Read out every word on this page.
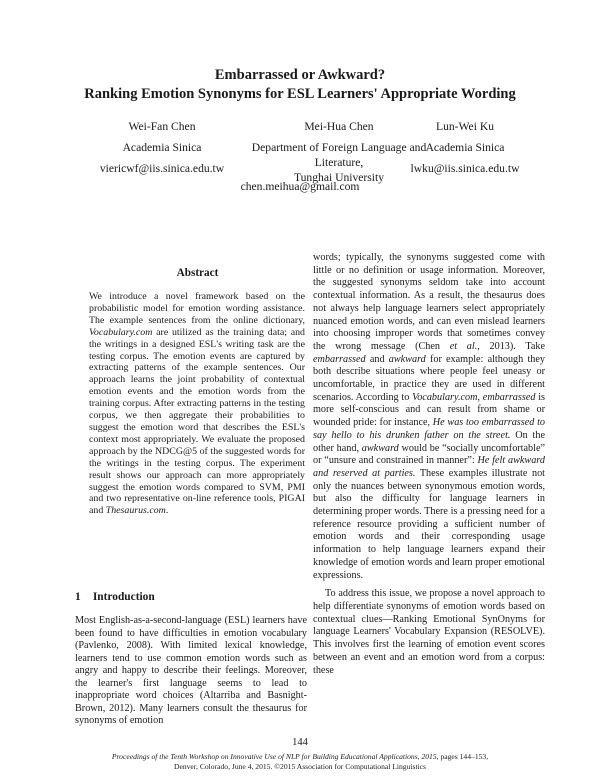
Embarrassed or Awkward?
Ranking Emotion Synonyms for ESL Learners' Appropriate Wording
Wei-Fan Chen
Academia Sinica
viericwf@iis.sinica.edu.tw
Mei-Hua Chen
Department of Foreign Language and
Literature,
Tunghai University
chen.meihua@gmail.com
Lun-Wei Ku
Academia Sinica
lwku@iis.sinica.edu.tw
Abstract

We introduce a novel framework based on the probabilistic model for emotion wording assistance. The example sentences from the online dictionary, Vocabulary.com are utilized as the training data; and the writings in a designed ESL's writing task are the testing corpus. The emotion events are captured by extracting patterns of the example sentences. Our approach learns the joint probability of contextual emotion events and the emotion words from the training corpus. After extracting patterns in the testing corpus, we then aggregate their probabilities to suggest the emotion word that describes the ESL's context most appropriately. We evaluate the proposed approach by the NDCG@5 of the suggested words for the writings in the testing corpus. The experiment result shows our approach can more appropriately suggest the emotion words compared to SVM, PMI and two representative on-line reference tools, PIGAI and Thesaurus.com.

1 Introduction

Most English-as-a-second-language (ESL) learners have been found to have difficulties in emotion vocabulary (Pavlenko, 2008). With limited lexical knowledge, learners tend to use common emotion words such as angry and happy to describe their feelings. Moreover, the learner's first language seems to lead to inappropriate word choices (Altarriba and Basnight-Brown, 2012). Many learners consult the thesaurus for synonyms of emotion

words; typically, the synonyms suggested come with little or no definition or usage information. Moreover, the suggested synonyms seldom take into account contextual information. As a result, the thesaurus does not always help language learners select appropriately nuanced emotion words, and can even mislead learners into choosing improper words that sometimes convey the wrong message (Chen et al., 2013). Take embarrassed and awkward for example: although they both describe situations where people feel uneasy or uncomfortable, in practice they are used in different scenarios. According to Vocabulary.com, embarrassed is more self-conscious and can result from shame or wounded pride: for instance, He was too embarrassed to say hello to his drunken father on the street. On the other hand, awkward would be “socially uncomfortable” or “unsure and constrained in manner”: He felt awkward and reserved at parties. These examples illustrate not only the nuances between synonymous emotion words, but also the difficulty for language learners in determining proper words. There is a pressing need for a reference resource providing a sufficient number of emotion words and their corresponding usage information to help language learners expand their knowledge of emotion words and learn proper emotional expressions.

To address this issue, we propose a novel approach to help differentiate synonyms of emotion words based on contextual clues—Ranking Emotional SynOnyms for language Learners' Vocabulary Expansion (RESOLVE). This involves first the learning of emotion event scores between an event and an emotion word from a corpus: these

144
Proceedings of the Tenth Workshop on Innovative Use of NLP for Building Educational Applications, 2015, pages 144–153,
Denver, Colorado, June 4, 2015. ©2015 Association for Computational Linguistics
